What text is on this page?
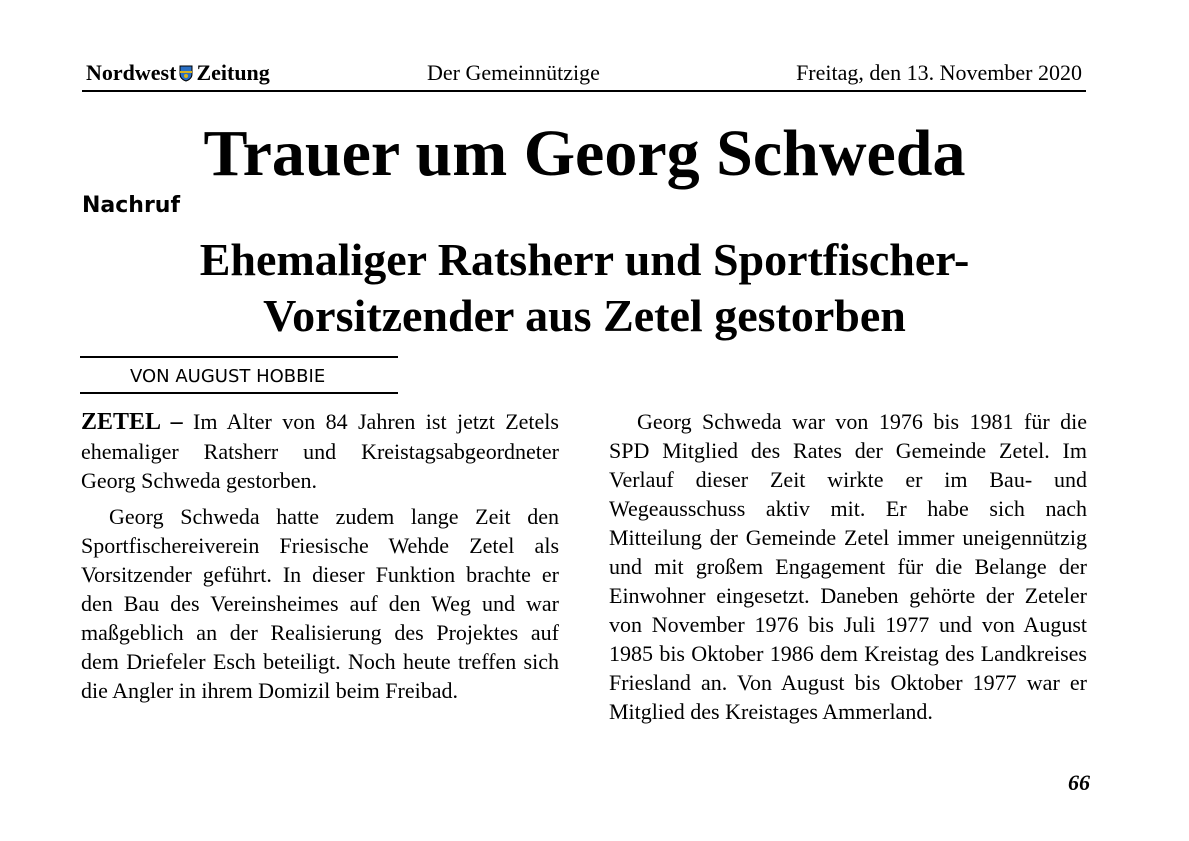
Nordwest Zeitung	Der Gemeinnützige	Freitag, den 13. November 2020
Trauer um Georg Schweda
Nachruf
Ehemaliger Ratsherr und Sportfischer-
Vorsitzender aus Zetel gestorben
VON AUGUST HOBBIE

ZETEL – Im Alter von 84 Jahren ist jetzt Zetels ehemaliger Ratsherr und Kreistagsabgeordneter Georg Schweda gestorben.

Georg Schweda hatte zudem lange Zeit den Sportfischereiverein Friesische Wehde Zetel als Vorsitzender geführt. In dieser Funktion brachte er den Bau des Vereinsheimes auf den Weg und war maßgeblich an der Realisierung des Projektes auf dem Driefeler Esch beteiligt. Noch heute treffen sich die Angler in ihrem Domizil beim Freibad.

Georg Schweda war von 1976 bis 1981 für die SPD Mitglied des Rates der Gemeinde Zetel. Im Verlauf dieser Zeit wirkte er im Bau- und Wegeausschuss aktiv mit. Er habe sich nach Mitteilung der Gemeinde Zetel immer uneigennützig und mit großem Engagement für die Belange der Einwohner eingesetzt. Daneben gehörte der Zeteler von November 1976 bis Juli 1977 und von August 1985 bis Oktober 1986 dem Kreistag des Landkreises Friesland an. Von August bis Oktober 1977 war er Mitglied des Kreistages Ammerland.

66
